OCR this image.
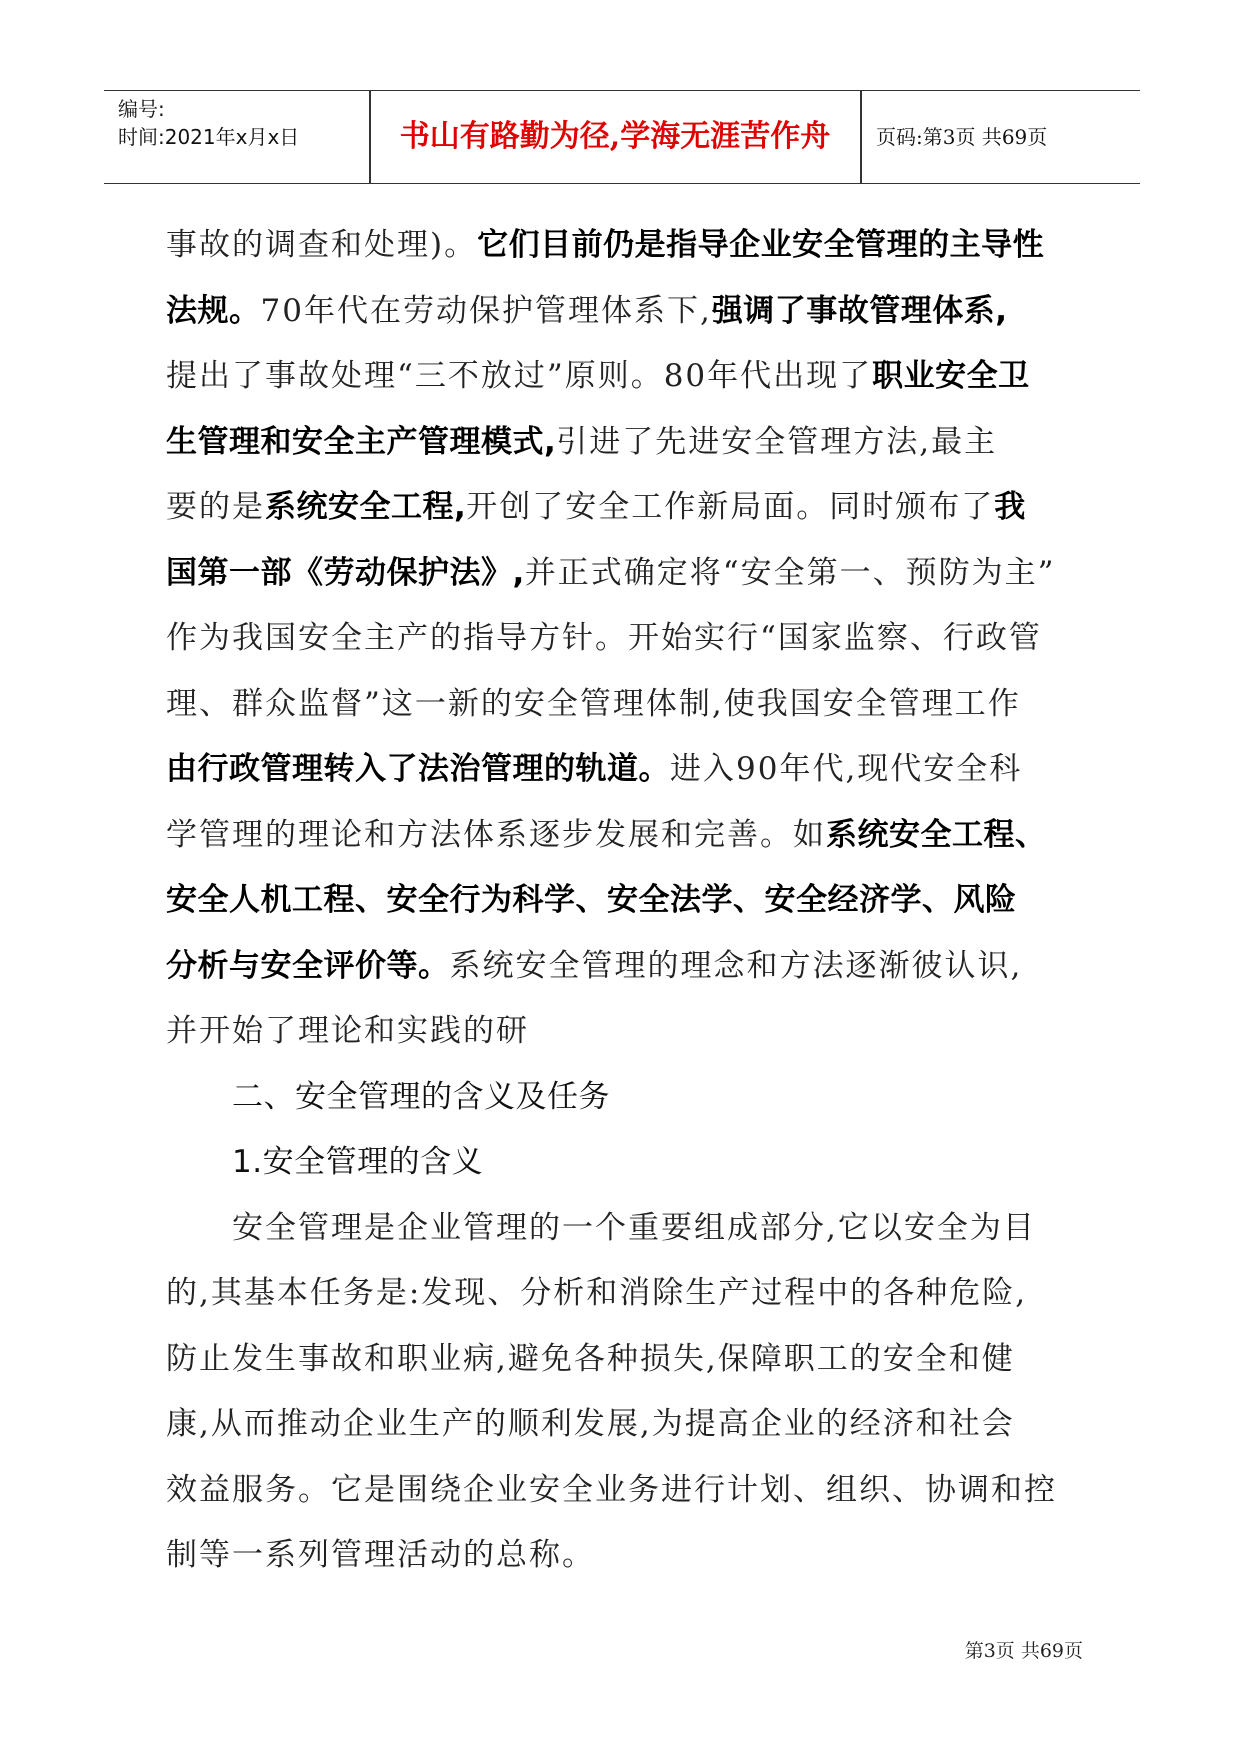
编号:
时间:2021年x月x日	书山有路勤为径,学海无涯苦作舟	页码:第3页 共69页
事故的调查和处理)。它们目前仍是指导企业安全管理的主导性
法规。70年代在劳动保护管理体系下,强调了事故管理体系,
提出了事故处理“三不放过”原则。80年代出现了职业安全卫
生管理和安全主产管理模式,引进了先进安全管理方法,最主
要的是系统安全工程,开创了安全工作新局面。同时颁布了我
国第一部《劳动保护法》,并正式确定将“安全第一、预防为主”
作为我国安全主产的指导方针。开始实行“国家监察、行政管
理、群众监督”这一新的安全管理体制,使我国安全管理工作
由行政管理转入了法治管理的轨道。进入90年代,现代安全科
学管理的理论和方法体系逐步发展和完善。如系统安全工程、
安全人机工程、安全行为科学、安全法学、安全经济学、风险
分析与安全评价等。系统安全管理的理念和方法逐渐彼认识,
并开始了理论和实践的研
二、安全管理的含义及任务
1.安全管理的含义
安全管理是企业管理的一个重要组成部分,它以安全为目
的,其基本任务是:发现、分析和消除生产过程中的各种危险,
防止发生事故和职业病,避免各种损失,保障职工的安全和健
康,从而推动企业生产的顺利发展,为提高企业的经济和社会
效益服务。它是围绕企业安全业务进行计划、组织、协调和控
制等一系列管理活动的总称。
第3页 共69页
